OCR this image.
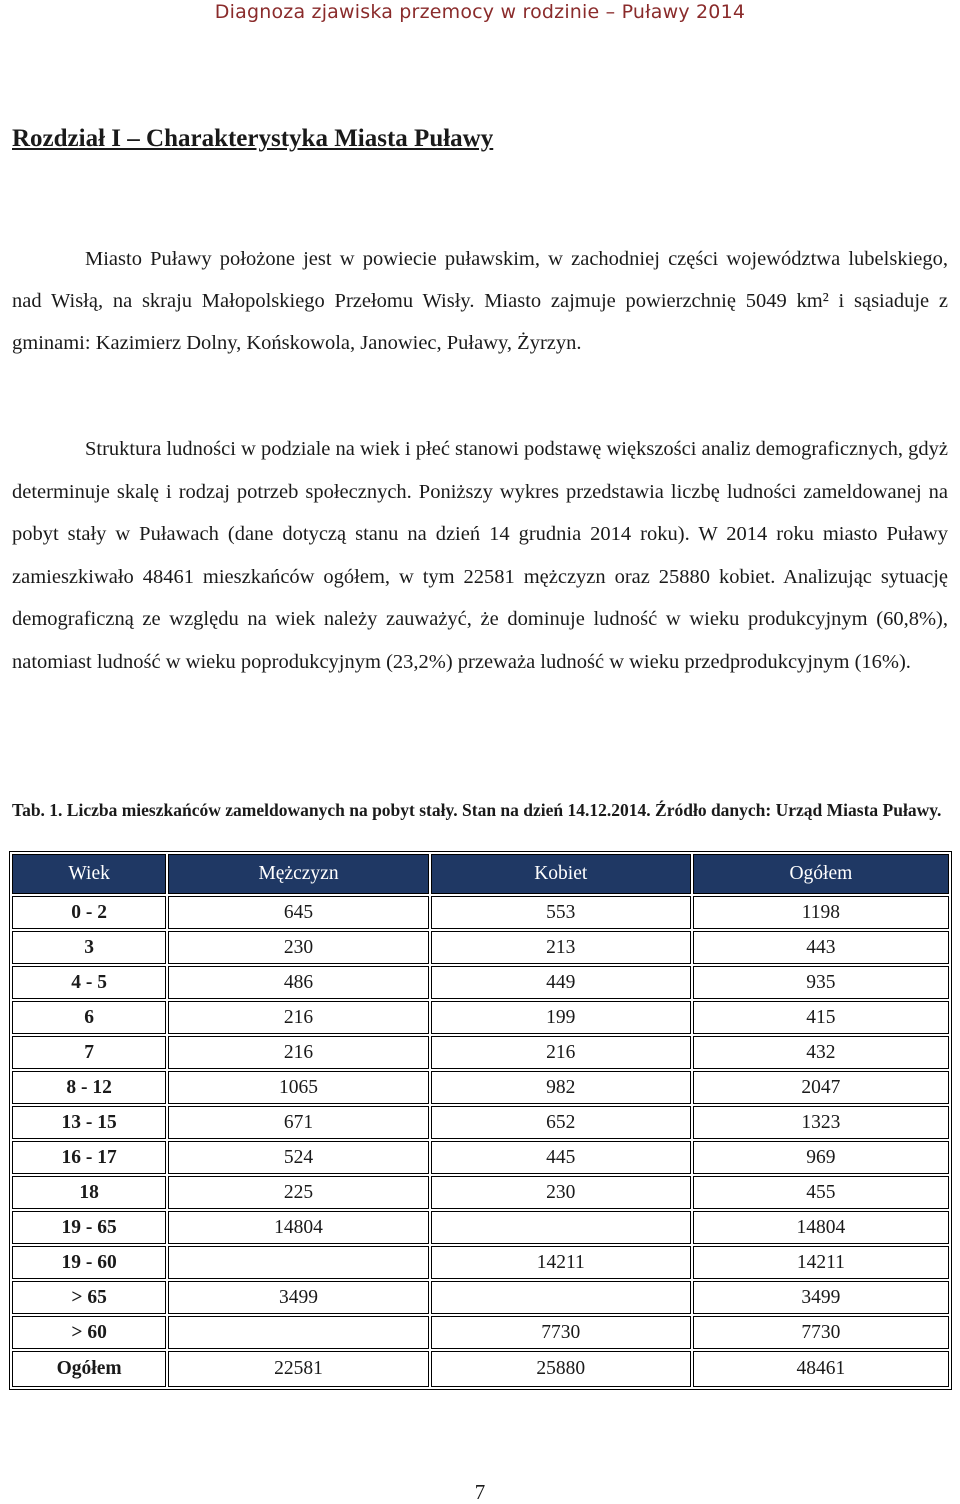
Diagnoza zjawiska przemocy w rodzinie – Puławy 2014
Rozdział I – Charakterystyka Miasta Puławy

Miasto Puławy położone jest w powiecie puławskim, w zachodniej części województwa lubelskiego, nad Wisłą, na skraju Małopolskiego Przełomu Wisły. Miasto zajmuje powierzchnię 5049 km² i sąsiaduje z gminami: Kazimierz Dolny, Końskowola, Janowiec, Puławy, Żyrzyn.

Struktura ludności w podziale na wiek i płeć stanowi podstawę większości analiz demograficznych, gdyż determinuje skalę i rodzaj potrzeb społecznych. Poniższy wykres przedstawia liczbę ludności zameldowanej na pobyt stały w Puławach (dane dotyczą stanu na dzień 14 grudnia 2014 roku). W 2014 roku miasto Puławy zamieszkiwało 48461 mieszkańców ogółem, w tym 22581 mężczyzn oraz 25880 kobiet. Analizując sytuację demograficzną ze względu na wiek należy zauważyć, że dominuje ludność w wieku produkcyjnym (60,8%), natomiast ludność w wieku poprodukcyjnym (23,2%) przeważa ludność w wieku przedprodukcyjnym (16%).

Tab. 1. Liczba mieszkańców zameldowanych na pobyt stały. Stan na dzień 14.12.2014. Źródło danych: Urząd Miasta Puławy.

Wiek	Mężczyzn	Kobiet	Ogółem
0 - 2	645	553	1198
3	230	213	443
4 - 5	486	449	935
6	216	199	415
7	216	216	432
8 - 12	1065	982	2047
13 - 15	671	652	1323
16 - 17	524	445	969
18	225	230	455
19 - 65	14804		14804
19 - 60		14211	14211
> 65	3499		3499
> 60		7730	7730
Ogółem	22581	25880	48461
7
